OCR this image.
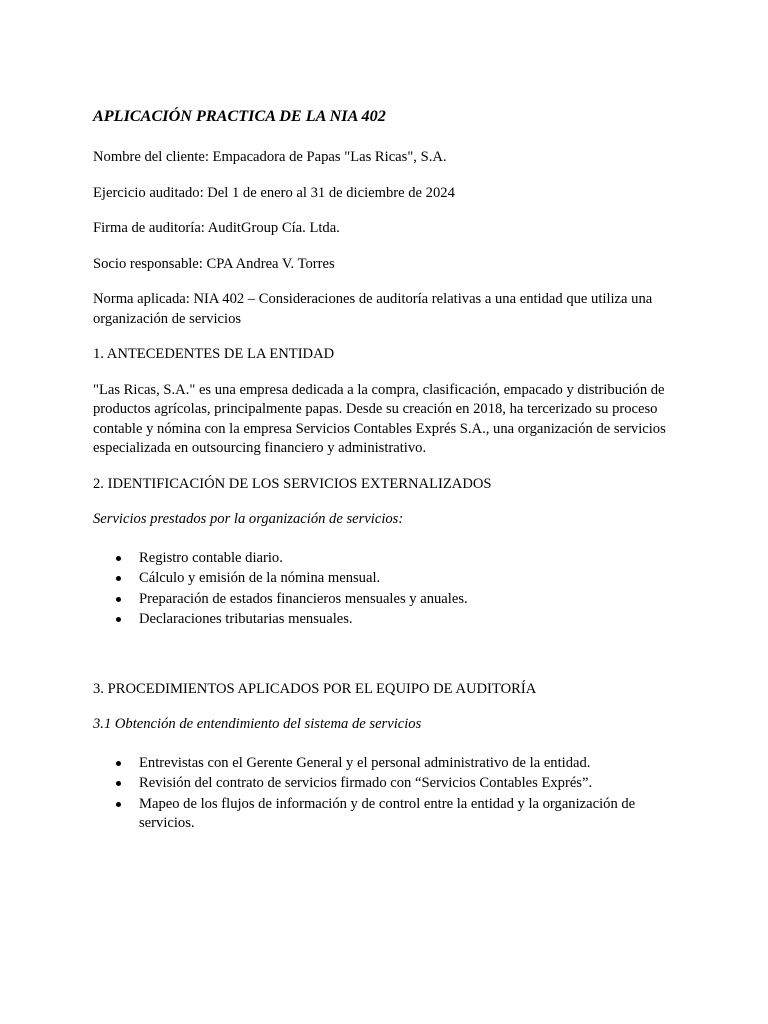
APLICACIÓN PRACTICA DE LA NIA 402

Nombre del cliente: Empacadora de Papas "Las Ricas", S.A.

Ejercicio auditado: Del 1 de enero al 31 de diciembre de 2024

Firma de auditoría: AuditGroup Cía. Ltda.

Socio responsable: CPA Andrea V. Torres

Norma aplicada: NIA 402 – Consideraciones de auditoría relativas a una entidad que utiliza una organización de servicios

1. ANTECEDENTES DE LA ENTIDAD

"Las Ricas, S.A." es una empresa dedicada a la compra, clasificación, empacado y distribución de productos agrícolas, principalmente papas. Desde su creación en 2018, ha tercerizado su proceso contable y nómina con la empresa Servicios Contables Exprés S.A., una organización de servicios especializada en outsourcing financiero y administrativo.

2. IDENTIFICACIÓN DE LOS SERVICIOS EXTERNALIZADOS

Servicios prestados por la organización de servicios:

Registro contable diario.
Cálculo y emisión de la nómina mensual.
Preparación de estados financieros mensuales y anuales.
Declaraciones tributarias mensuales.

3. PROCEDIMIENTOS APLICADOS POR EL EQUIPO DE AUDITORÍA

3.1 Obtención de entendimiento del sistema de servicios

Entrevistas con el Gerente General y el personal administrativo de la entidad.
Revisión del contrato de servicios firmado con “Servicios Contables Exprés”.
Mapeo de los flujos de información y de control entre la entidad y la organización de servicios.
